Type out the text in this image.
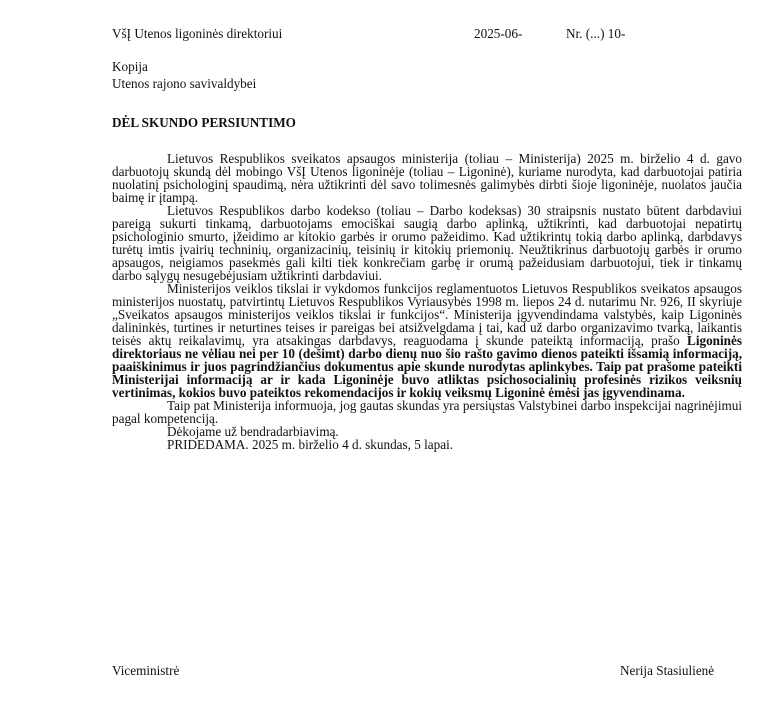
VšĮ Utenos ligoninės direktoriui	2025-06-	Nr. (...) 10-
Kopija
Utenos rajono savivaldybei
DĖL SKUNDO PERSIUNTIMO

Lietuvos Respublikos sveikatos apsaugos ministerija (toliau – Ministerija) 2025 m. birželio 4 d. gavo darbuotojų skundą dėl mobingo VšĮ Utenos ligoninėje (toliau – Ligoninė), kuriame nurodyta, kad darbuotojai patiria nuolatinį psichologinį spaudimą, nėra užtikrinti dėl savo tolimesnės galimybės dirbti šioje ligoninėje, nuolatos jaučia baimę ir įtampą.

Lietuvos Respublikos darbo kodekso (toliau – Darbo kodeksas) 30 straipsnis nustato būtent darbdaviui pareigą sukurti tinkamą, darbuotojams emociškai saugią darbo aplinką, užtikrinti, kad darbuotojai nepatirtų psichologinio smurto, įžeidimo ar kitokio garbės ir orumo pažeidimo. Kad užtikrintų tokią darbo aplinką, darbdavys turėtų imtis įvairių techninių, organizacinių, teisinių ir kitokių priemonių. Neužtikrinus darbuotojų garbės ir orumo apsaugos, neigiamos pasekmės gali kilti tiek konkrečiam garbę ir orumą pažeidusiam darbuotojui, tiek ir tinkamų darbo sąlygų nesugebėjusiam užtikrinti darbdaviui.

Ministerijos veiklos tikslai ir vykdomos funkcijos reglamentuotos Lietuvos Respublikos sveikatos apsaugos ministerijos nuostatų, patvirtintų Lietuvos Respublikos Vyriausybės 1998 m. liepos 24 d. nutarimu Nr. 926, II skyriuje „Sveikatos apsaugos ministerijos veiklos tikslai ir funkcijos“. Ministerija įgyvendindama valstybės, kaip Ligoninės dalininkės, turtines ir neturtines teises ir pareigas bei atsižvelgdama į tai, kad už darbo organizavimo tvarką, laikantis teisės aktų reikalavimų, yra atsakingas darbdavys, reaguodama į skunde pateiktą informaciją, prašo Ligoninės direktoriaus ne vėliau nei per 10 (dešimt) darbo dienų nuo šio rašto gavimo dienos pateikti išsamią informaciją, paaiškinimus ir juos pagrindžiančius dokumentus apie skunde nurodytas aplinkybes. Taip pat prašome pateikti Ministerijai informaciją ar ir kada Ligoninėje buvo atliktas psichosocialinių profesinės rizikos veiksnių vertinimas, kokios buvo pateiktos rekomendacijos ir kokių veiksmų Ligoninė ėmėsi jas įgyvendinama.

Taip pat Ministerija informuoja, jog gautas skundas yra persiųstas Valstybinei darbo inspekcijai nagrinėjimui pagal kompetenciją.

Dėkojame už bendradarbiavimą.

PRIDEDAMA. 2025 m. birželio 4 d. skundas, 5 lapai.

Viceministrė	Nerija Stasiulienė
